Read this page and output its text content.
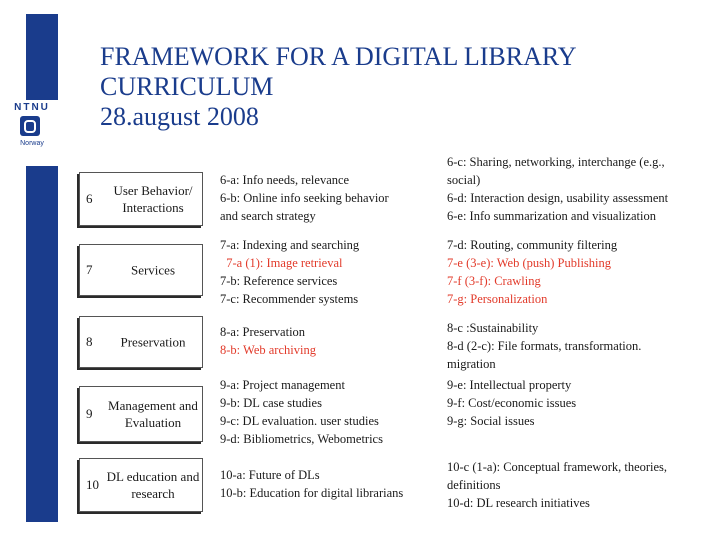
NTNU
Norway
FRAMEWORK FOR A DIGITAL LIBRARY
CURRICULUM
28.august 2008
6
User Behavior/ Interactions
6-a: Info needs, relevance
6-b: Online info seeking behavior
and search strategy
6-c: Sharing, networking, interchange (e.g.,
social)
6-d: Interaction design, usability assessment
6-e: Info summarization and visualization
7	Services
7-a: Indexing and searching
7-a (1): Image retrieval
7-b: Reference services
7-c: Recommender systems
7-d: Routing, community filtering
7-e (3-e): Web (push) Publishing
7-f (3-f): Crawling
7-g: Personalization
8	Preservation
8-a: Preservation
8-b: Web archiving
8-c :Sustainability
8-d (2-c): File formats, transformation.
migration
9
Management and Evaluation
9-a: Project management
9-b: DL case studies
9-c: DL evaluation. user studies
9-d: Bibliometrics, Webometrics
9-e: Intellectual property
9-f: Cost/economic issues
9-g: Social issues
10
DL education and research
10-a: Future of DLs
10-b: Education for digital librarians
10-c (1-a): Conceptual framework, theories,
definitions
10-d: DL research initiatives
